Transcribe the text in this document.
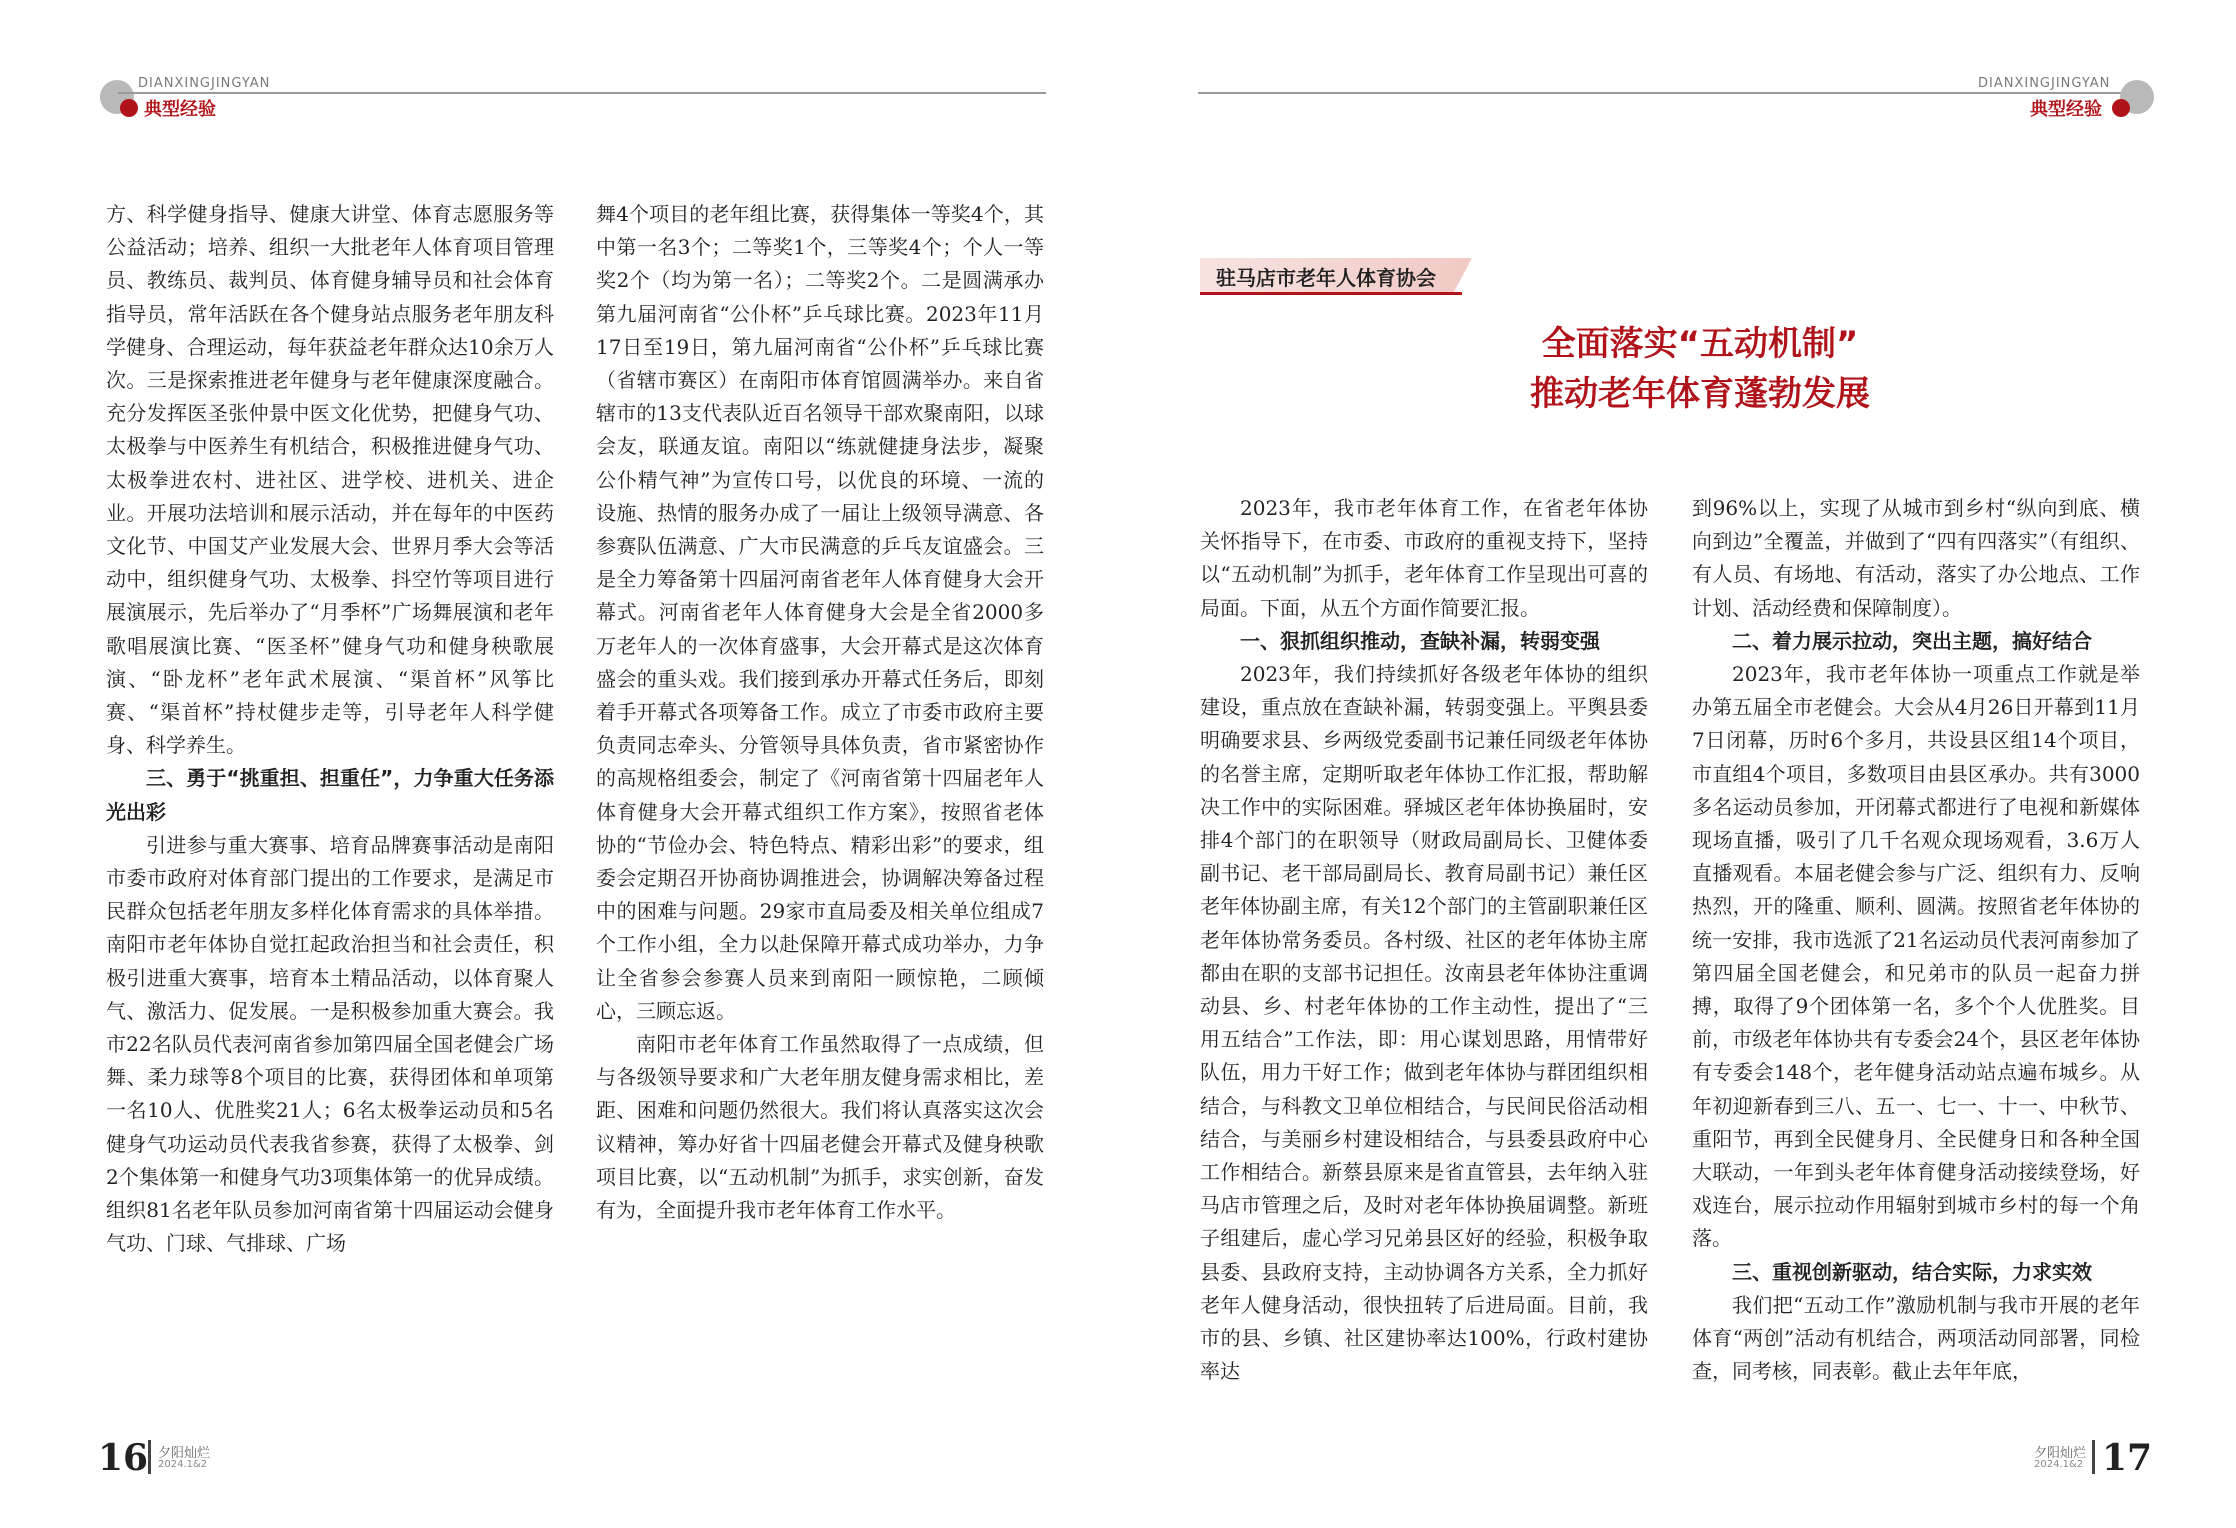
DIANXINGJINGYAN
典型经验

方、科学健身指导、健康大讲堂、体育志愿服务等公益活动；培养、组织一大批老年人体育项目管理员、教练员、裁判员、体育健身辅导员和社会体育指导员，常年活跃在各个健身站点服务老年朋友科学健身、合理运动，每年获益老年群众达10余万人次。三是探索推进老年健身与老年健康深度融合。充分发挥医圣张仲景中医文化优势，把健身气功、太极拳与中医养生有机结合，积极推进健身气功、太极拳进农村、进社区、进学校、进机关、进企业。开展功法培训和展示活动，并在每年的中医药文化节、中国艾产业发展大会、世界月季大会等活动中，组织健身气功、太极拳、抖空竹等项目进行展演展示，先后举办了“月季杯”广场舞展演和老年歌唱展演比赛、“医圣杯”健身气功和健身秧歌展演、“卧龙杯”老年武术展演、“渠首杯”风筝比赛、“渠首杯”持杖健步走等，引导老年人科学健身、科学养生。

三、勇于“挑重担、担重任”，力争重大任务添光出彩

引进参与重大赛事、培育品牌赛事活动是南阳市委市政府对体育部门提出的工作要求，是满足市民群众包括老年朋友多样化体育需求的具体举措。南阳市老年体协自觉扛起政治担当和社会责任，积极引进重大赛事，培育本土精品活动，以体育聚人气、激活力、促发展。一是积极参加重大赛会。我市22名队员代表河南省参加第四届全国老健会广场舞、柔力球等8个项目的比赛，获得团体和单项第一名10人、优胜奖21人；6名太极拳运动员和5名健身气功运动员代表我省参赛，获得了太极拳、剑2个集体第一和健身气功3项集体第一的优异成绩。组织81名老年队员参加河南省第十四届运动会健身气功、门球、气排球、广场

舞4个项目的老年组比赛，获得集体一等奖4个，其中第一名3个；二等奖1个，三等奖4个；个人一等奖2个（均为第一名）；二等奖2个。二是圆满承办第九届河南省“公仆杯”乒乓球比赛。2023年11月17日至19日，第九届河南省“公仆杯”乒乓球比赛（省辖市赛区）在南阳市体育馆圆满举办。来自省辖市的13支代表队近百名领导干部欢聚南阳，以球会友，联通友谊。南阳以“练就健捷身法步，凝聚公仆精气神”为宣传口号，以优良的环境、一流的设施、热情的服务办成了一届让上级领导满意、各参赛队伍满意、广大市民满意的乒乓友谊盛会。三是全力筹备第十四届河南省老年人体育健身大会开幕式。河南省老年人体育健身大会是全省2000多万老年人的一次体育盛事，大会开幕式是这次体育盛会的重头戏。我们接到承办开幕式任务后，即刻着手开幕式各项筹备工作。成立了市委市政府主要负责同志牵头、分管领导具体负责，省市紧密协作的高规格组委会，制定了《河南省第十四届老年人体育健身大会开幕式组织工作方案》，按照省老体协的“节俭办会、特色特点、精彩出彩”的要求，组委会定期召开协商协调推进会，协调解决筹备过程中的困难与问题。29家市直局委及相关单位组成7个工作小组，全力以赴保障开幕式成功举办，力争让全省参会参赛人员来到南阳一顾惊艳，二顾倾心，三顾忘返。

南阳市老年体育工作虽然取得了一点成绩，但与各级领导要求和广大老年朋友健身需求相比，差距、困难和问题仍然很大。我们将认真落实这次会议精神，筹办好省十四届老健会开幕式及健身秧歌项目比赛，以“五动机制”为抓手，求实创新，奋发有为，全面提升我市老年体育工作水平。

16 夕阳灿烂
2024.1&2
DIANXINGJINGYAN
典型经验
驻马店市老年人体育协会
全面落实“五动机制”
推动老年体育蓬勃发展

2023年，我市老年体育工作，在省老年体协关怀指导下，在市委、市政府的重视支持下，坚持以“五动机制”为抓手，老年体育工作呈现出可喜的局面。下面，从五个方面作简要汇报。

一、狠抓组织推动，查缺补漏，转弱变强

2023年，我们持续抓好各级老年体协的组织建设，重点放在查缺补漏，转弱变强上。平舆县委明确要求县、乡两级党委副书记兼任同级老年体协的名誉主席，定期听取老年体协工作汇报，帮助解决工作中的实际困难。驿城区老年体协换届时，安排4个部门的在职领导（财政局副局长、卫健体委副书记、老干部局副局长、教育局副书记）兼任区老年体协副主席，有关12个部门的主管副职兼任区老年体协常务委员。各村级、社区的老年体协主席都由在职的支部书记担任。汝南县老年体协注重调动县、乡、村老年体协的工作主动性，提出了“三用五结合”工作法，即：用心谋划思路，用情带好队伍，用力干好工作；做到老年体协与群团组织相结合，与科教文卫单位相结合，与民间民俗活动相结合，与美丽乡村建设相结合，与县委县政府中心工作相结合。新蔡县原来是省直管县，去年纳入驻马店市管理之后，及时对老年体协换届调整。新班子组建后，虚心学习兄弟县区好的经验，积极争取县委、县政府支持，主动协调各方关系，全力抓好老年人健身活动，很快扭转了后进局面。目前，我市的县、乡镇、社区建协率达100%，行政村建协率达

到96%以上，实现了从城市到乡村“纵向到底、横向到边”全覆盖，并做到了“四有四落实”（有组织、有人员、有场地、有活动，落实了办公地点、工作计划、活动经费和保障制度）。

二、着力展示拉动，突出主题，搞好结合

2023年，我市老年体协一项重点工作就是举办第五届全市老健会。大会从4月26日开幕到11月7日闭幕，历时6个多月，共设县区组14个项目，市直组4个项目，多数项目由县区承办。共有3000多名运动员参加，开闭幕式都进行了电视和新媒体现场直播，吸引了几千名观众现场观看，3.6万人直播观看。本届老健会参与广泛、组织有力、反响热烈，开的隆重、顺利、圆满。按照省老年体协的统一安排，我市选派了21名运动员代表河南参加了第四届全国老健会，和兄弟市的队员一起奋力拼搏，取得了9个团体第一名，多个个人优胜奖。目前，市级老年体协共有专委会24个，县区老年体协有专委会148个，老年健身活动站点遍布城乡。从年初迎新春到三八、五一、七一、十一、中秋节、重阳节，再到全民健身月、全民健身日和各种全国大联动，一年到头老年体育健身活动接续登场，好戏连台，展示拉动作用辐射到城市乡村的每一个角落。

三、重视创新驱动，结合实际，力求实效

我们把“五动工作”激励机制与我市开展的老年体育“两创”活动有机结合，两项活动同部署，同检查，同考核，同表彰。截止去年年底，

夕阳灿烂
2024.1&2 17
